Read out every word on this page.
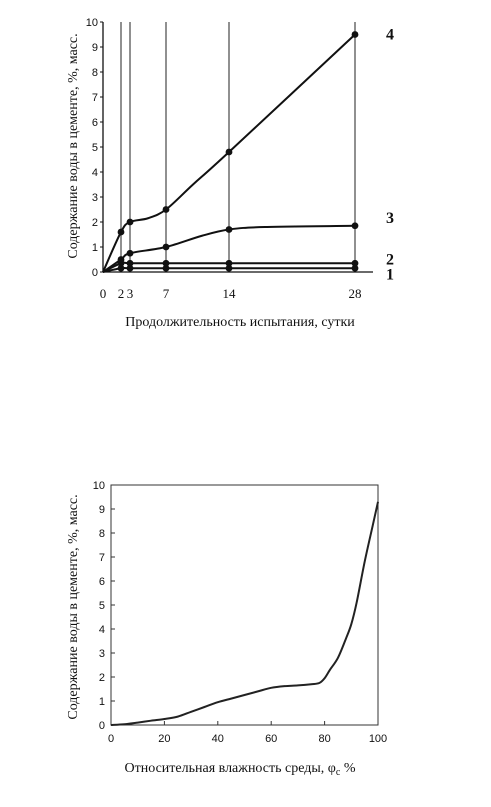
0
1
2
3
4
5
6
7
8
9
10
0 2 3 7	14	28
1
2
3
4
Содержание воды в цементе, %, масс.
Продолжительность испытания, сутки
0
1
2
3
4
5
6
7
8
9
10
0	20	40	60	80	100
Содержание воды в цементе, %, масс.
Относительная влажность среды, $\varphi_с$ %
